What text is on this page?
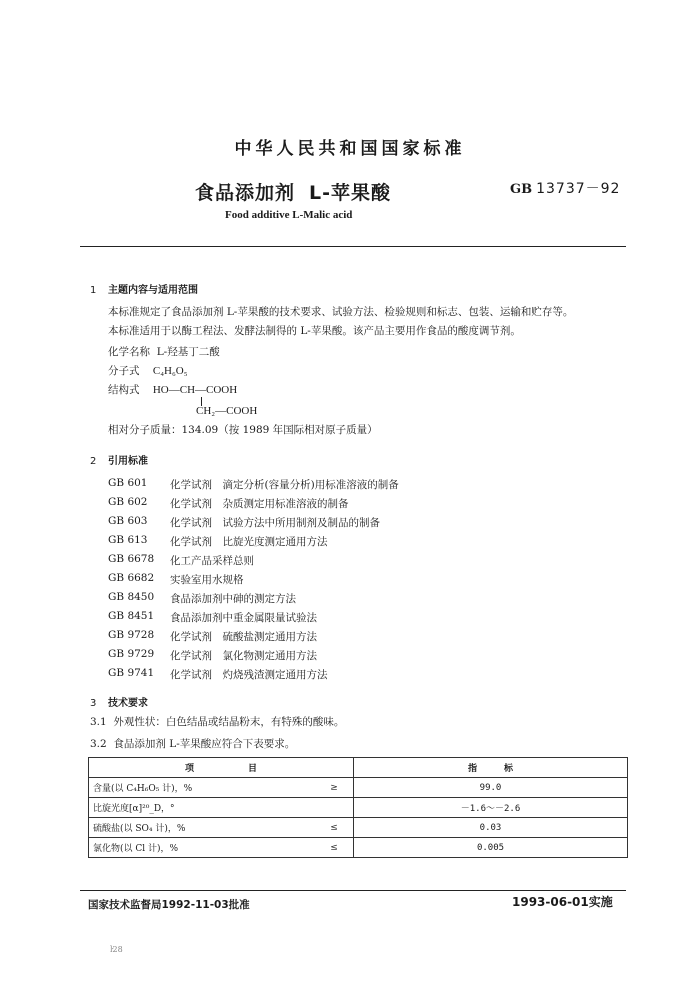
中华人民共和国国家标准
食品添加剂 L-苹果酸	GB 13737－92
Food additive L-Malic acid
1 主题内容与适用范围
本标准规定了食品添加剂 L-苹果酸的技术要求、试验方法、检验规则和标志、包装、运输和贮存等。
本标准适用于以酶工程法、发酵法制得的 L-苹果酸。该产品主要用作食品的酸度调节剂。
化学名称 L-羟基丁二酸
分子式 C₄H₆O₅
结构式 HO—CH—COOH
CH₂—COOH
相对分子质量：134.09（按 1989 年国际相对原子质量）
2 引用标准
GB 601	化学试剂　滴定分析(容量分析)用标准溶液的制备
GB 602	化学试剂　杂质测定用标准溶液的制备
GB 603	化学试剂　试验方法中所用制剂及制品的制备
GB 613	化学试剂　比旋光度测定通用方法
GB 6678	化工产品采样总则
GB 6682	实验室用水规格
GB 8450	食品添加剂中砷的测定方法
GB 8451	食品添加剂中重金属限量试验法
GB 9728	化学试剂　硫酸盐测定通用方法
GB 9729	化学试剂　氯化物测定通用方法
GB 9741	化学试剂　灼烧残渣测定通用方法
3 技术要求
3.1 外观性状：白色结晶或结晶粉末，有特殊的酸味。
3.2 食品添加剂 L-苹果酸应符合下表要求。
项　　　　　　目		指　　　标
含量(以 C₄H₆O₅ 计)，%	≥	99.0
比旋光度[α]²⁰_D，°		－1.6～－2.6
硫酸盐(以 SO₄ 计)，%	≤	0.03
氯化物(以 Cl 计)，%	≤	0.005
国家技术监督局1992-11-03批准	1993-06-01实施
ŀ28
